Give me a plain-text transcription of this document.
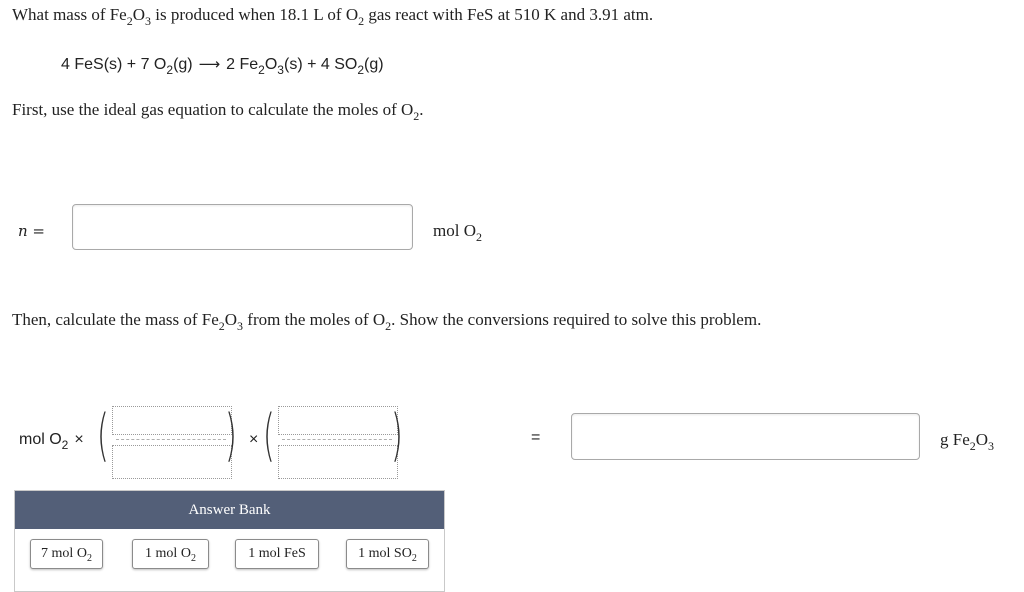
What mass of $Fe_2O_3$ is produced when 18.1 L of $O_2$ gas react with FeS at 510 K and 3.91 atm.
4 FeS(s) + 7 $O_2(g)$ ⟶ 2 $Fe_2O_3(s) + 4$ $SO_2(g)$
First, use the ideal gas equation to calculate the moles of $O_2$.
n =	mol $O_2$
Then, calculate the mass of $Fe_2O_3$ from the moles of $O_2$. Show the conversions required to solve this problem.
mol $O_2$ × ( ) × ( )	=	g $Fe_2O_3$
Answer Bank
7 mol $O_2$	1 mol $O_2$	1 mol FeS	1 mol $SO_2$
